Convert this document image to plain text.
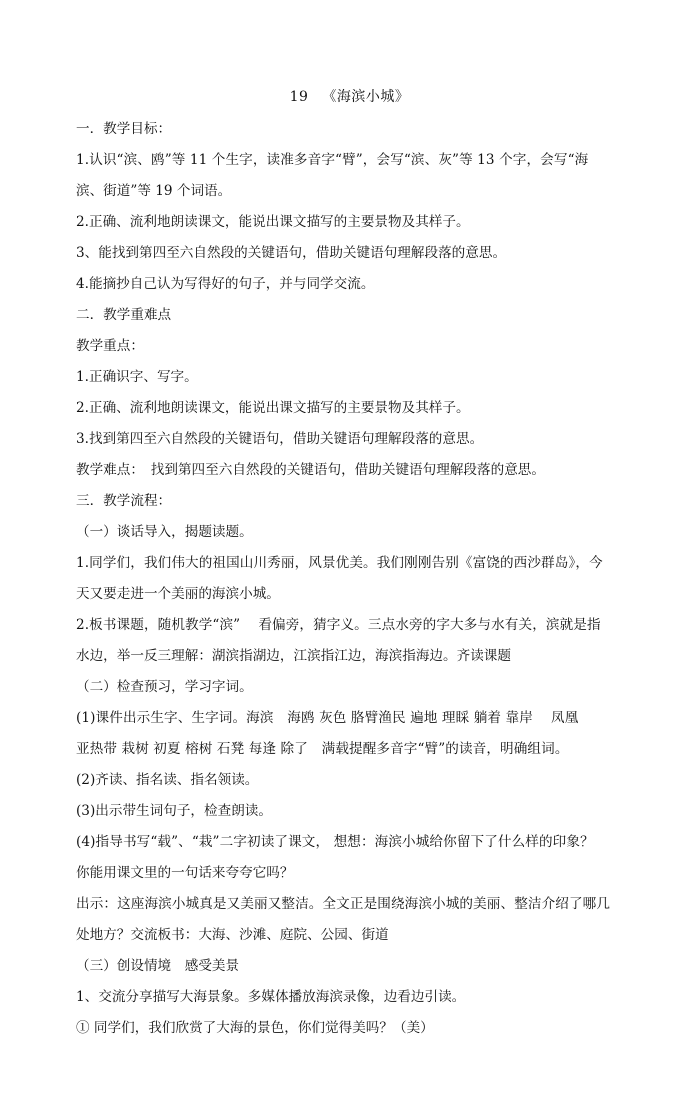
19 《海滨小城》
一．教学目标：
1.认识“滨、鸥”等 11 个生字，读准多音字“臂”，会写“滨、灰”等 13 个字，会写“海
滨、街道”等 19 个词语。
2.正确、流利地朗读课文，能说出课文描写的主要景物及其样子。
3、能找到第四至六自然段的关键语句，借助关键语句理解段落的意思。
4.能摘抄自己认为写得好的句子，并与同学交流。
二．教学重难点
教学重点：
1.正确识字、写字。
2.正确、流利地朗读课文，能说出课文描写的主要景物及其样子。
3.找到第四至六自然段的关键语句，借助关键语句理解段落的意思。
教学难点：　找到第四至六自然段的关键语句，借助关键语句理解段落的意思。
三．教学流程：
（一）谈话导入，揭题读题。
1.同学们，我们伟大的祖国山川秀丽，风景优美。我们刚刚告别《富饶的西沙群岛》，今
天又要走进一个美丽的海滨小城。
2.板书课题，随机教学“滨”　 看偏旁，猜字义。三点水旁的字大多与水有关，滨就是指
水边，举一反三理解：湖滨指湖边，江滨指江边，海滨指海边。齐读课题
（二）检查预习，学习字词。
(1)课件出示生字、生字词。海滨　海鸥 灰色 胳臂渔民 遍地 理睬 躺着 靠岸　 凤凰
亚热带 栽树 初夏 榕树 石凳 每逢 除了　满载提醒多音字“臂”的读音，明确组词。
(2)齐读、指名读、指名领读。
(3)出示带生词句子，检查朗读。
(4)指导书写“载”、“栽”二字初读了课文， 想想：海滨小城给你留下了什么样的印象？
你能用课文里的一句话来夸夸它吗？
出示：这座海滨小城真是又美丽又整洁。全文正是围绕海滨小城的美丽、整洁介绍了哪几
处地方？交流板书：大海、沙滩、庭院、公园、街道
（三）创设情境　感受美景
1、交流分享描写大海景象。多媒体播放海滨录像，边看边引读。
① 同学们，我们欣赏了大海的景色，你们觉得美吗？（美）
